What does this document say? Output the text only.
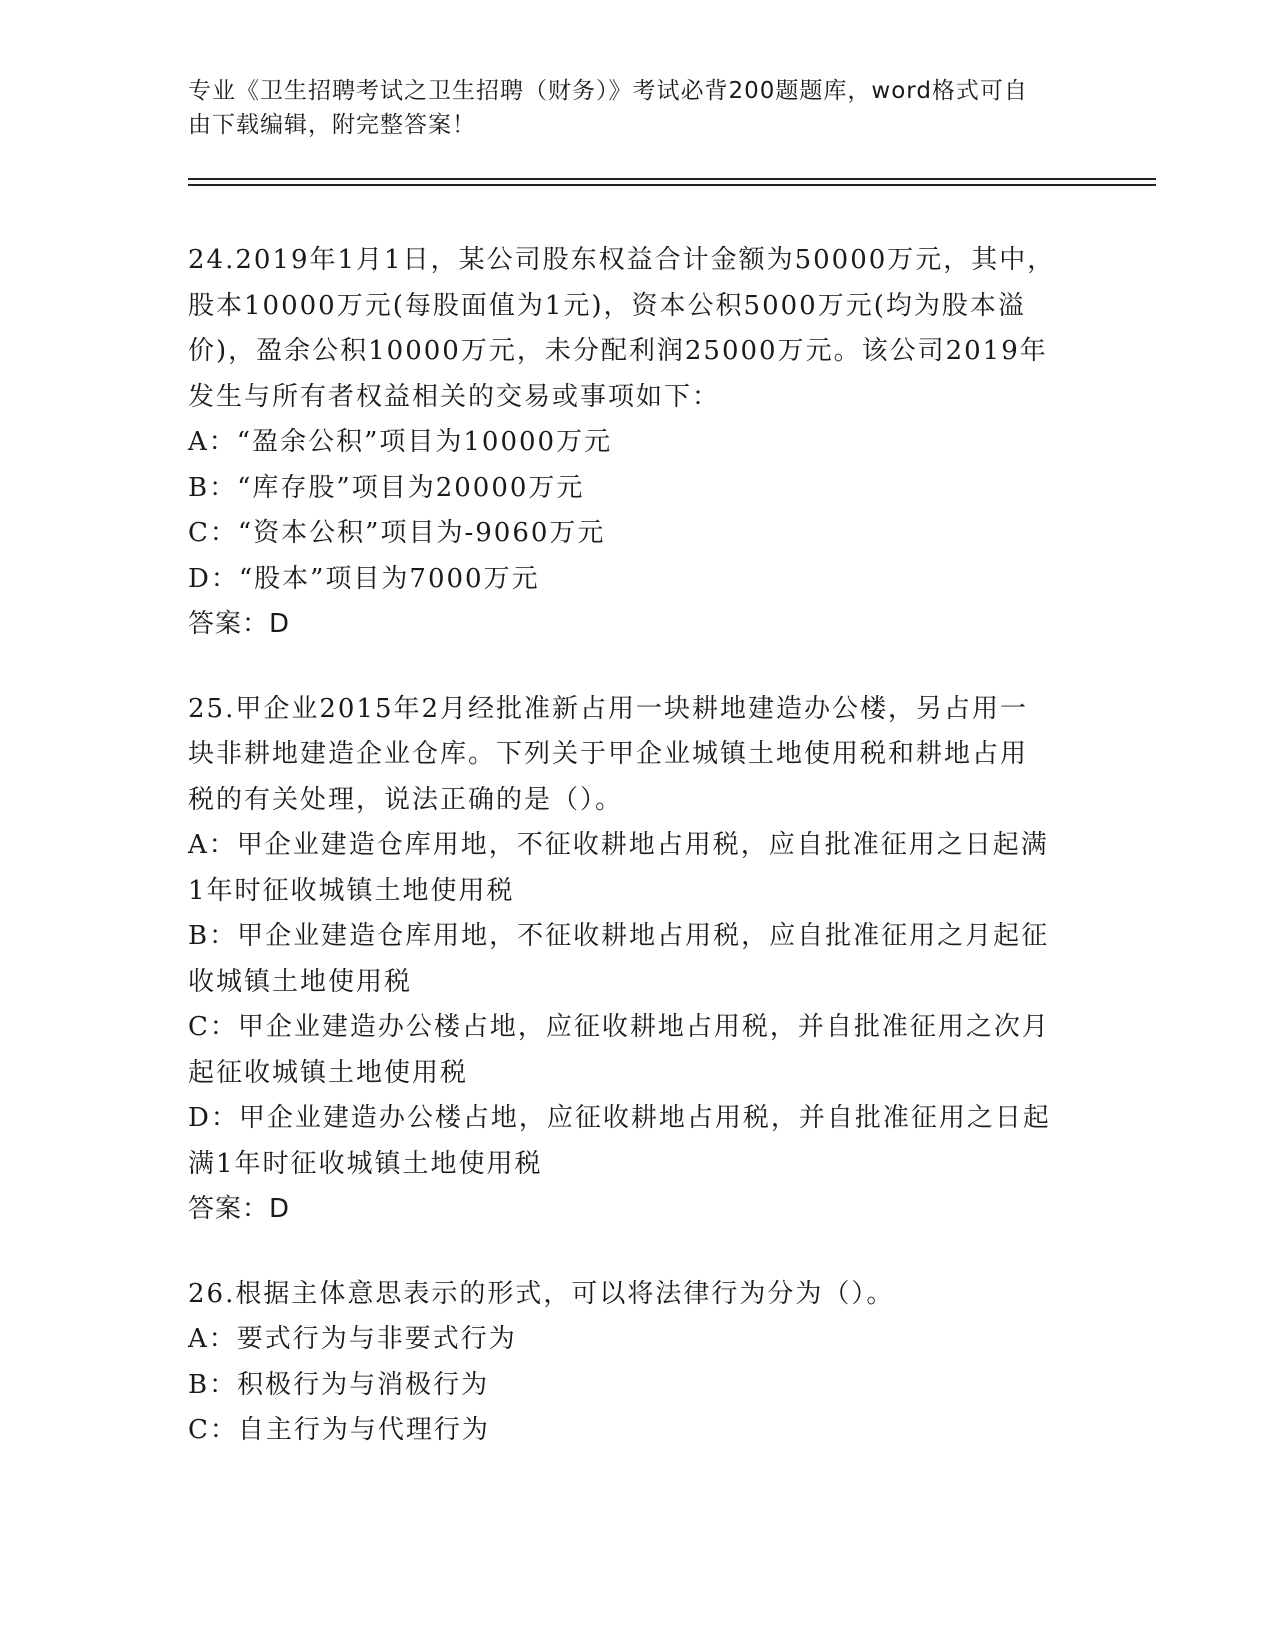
专业《卫生招聘考试之卫生招聘（财务）》考试必背200题题库，word格式可自
由下载编辑，附完整答案！

24.2019年1月1日，某公司股东权益合计金额为50000万元，其中，

股本10000万元(每股面值为1元)，资本公积5000万元(均为股本溢

价)，盈余公积10000万元，未分配利润25000万元。该公司2019年

发生与所有者权益相关的交易或事项如下：

A：“盈余公积”项目为10000万元

B：“库存股”项目为20000万元

C：“资本公积”项目为-9060万元

D：“股本”项目为7000万元

答案：D

25.甲企业2015年2月经批准新占用一块耕地建造办公楼，另占用一

块非耕地建造企业仓库。下列关于甲企业城镇土地使用税和耕地占用

税的有关处理，说法正确的是（）。

A：甲企业建造仓库用地，不征收耕地占用税，应自批准征用之日起满

1年时征收城镇土地使用税

B：甲企业建造仓库用地，不征收耕地占用税，应自批准征用之月起征

收城镇土地使用税

C：甲企业建造办公楼占地，应征收耕地占用税，并自批准征用之次月

起征收城镇土地使用税

D：甲企业建造办公楼占地，应征收耕地占用税，并自批准征用之日起

满1年时征收城镇土地使用税

答案：D

26.根据主体意思表示的形式，可以将法律行为分为（）。

A：要式行为与非要式行为

B：积极行为与消极行为

C：自主行为与代理行为
